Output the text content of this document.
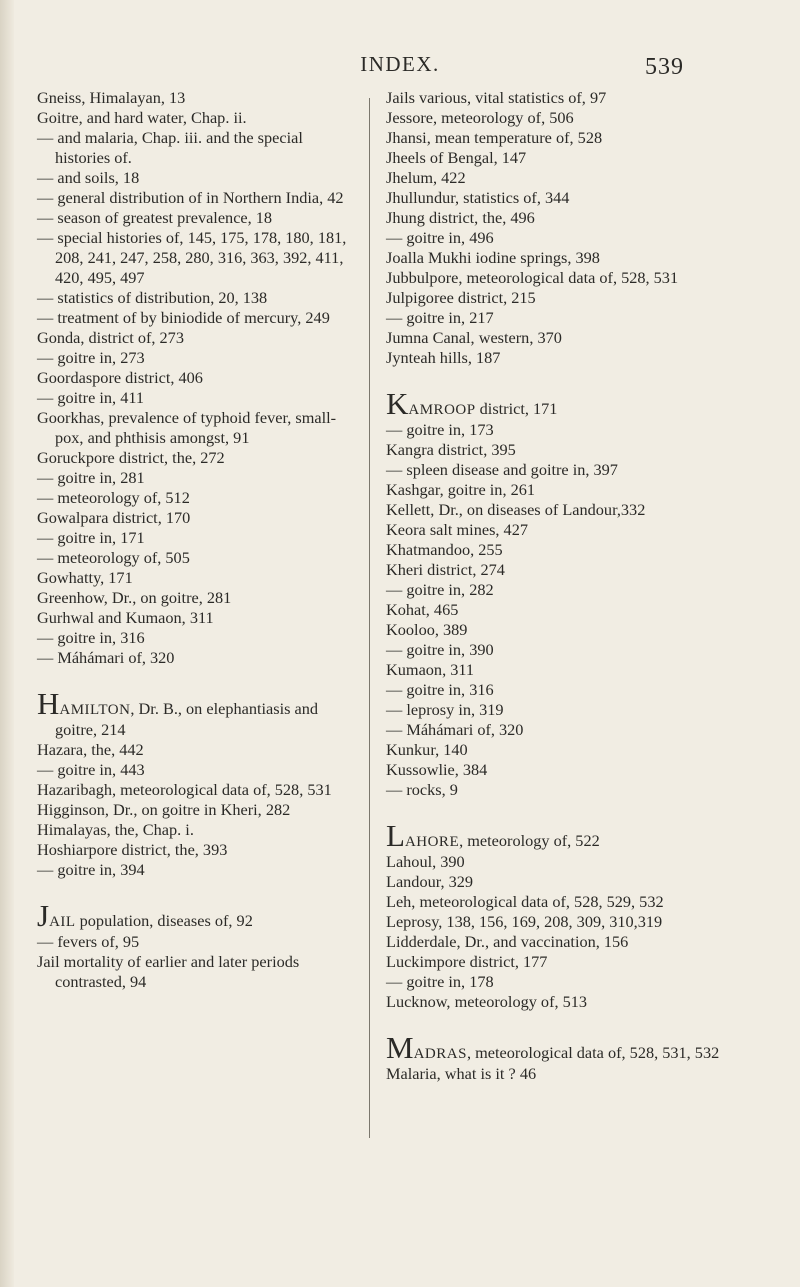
INDEX.	539
Gneiss, Himalayan, 13
Goitre, and hard water, Chap. ii.
— and malaria, Chap. iii. and the special histories of.
— and soils, 18
— general distribution of in Northern India, 42
— season of greatest prevalence, 18
— special histories of, 145, 175, 178, 180, 181, 208, 241, 247, 258, 280, 316, 363, 392, 411, 420, 495, 497
— statistics of distribution, 20, 138
— treatment of by biniodide of mercury, 249
Gonda, district of, 273
— goitre in, 273
Goordaspore district, 406
— goitre in, 411
Goorkhas, prevalence of typhoid fever, small-pox, and phthisis amongst, 91
Goruckpore district, the, 272
— goitre in, 281
— meteorology of, 512
Gowalpara district, 170
— goitre in, 171
— meteorology of, 505
Gowhatty, 171
Greenhow, Dr., on goitre, 281
Gurhwal and Kumaon, 311
— goitre in, 316
— Máhámari of, 320
HAMILTON, Dr. B., on elephantiasis and goitre, 214
Hazara, the, 442
— goitre in, 443
Hazaribagh, meteorological data of, 528, 531
Higginson, Dr., on goitre in Kheri, 282
Himalayas, the, Chap. i.
Hoshiarpore district, the, 393
— goitre in, 394
JAIL population, diseases of, 92
— fevers of, 95
Jail mortality of earlier and later periods contrasted, 94
Jails various, vital statistics of, 97
Jessore, meteorology of, 506
Jhansi, mean temperature of, 528
Jheels of Bengal, 147
Jhelum, 422
Jhullundur, statistics of, 344
Jhung district, the, 496
— goitre in, 496
Joalla Mukhi iodine springs, 398
Jubbulpore, meteorological data of, 528, 531
Julpigoree district, 215
— goitre in, 217
Jumna Canal, western, 370
Jynteah hills, 187
KAMROOP district, 171
— goitre in, 173
Kangra district, 395
— spleen disease and goitre in, 397
Kashgar, goitre in, 261
Kellett, Dr., on diseases of Landour,332
Keora salt mines, 427
Khatmandoo, 255
Kheri district, 274
— goitre in, 282
Kohat, 465
Kooloo, 389
— goitre in, 390
Kumaon, 311
— goitre in, 316
— leprosy in, 319
— Máhámari of, 320
Kunkur, 140
Kussowlie, 384
— rocks, 9
LAHORE, meteorology of, 522
Lahoul, 390
Landour, 329
Leh, meteorological data of, 528, 529, 532
Leprosy, 138, 156, 169, 208, 309, 310,319
Lidderdale, Dr., and vaccination, 156
Luckimpore district, 177
— goitre in, 178
Lucknow, meteorology of, 513
MADRAS, meteorological data of, 528, 531, 532
Malaria, what is it ? 46
